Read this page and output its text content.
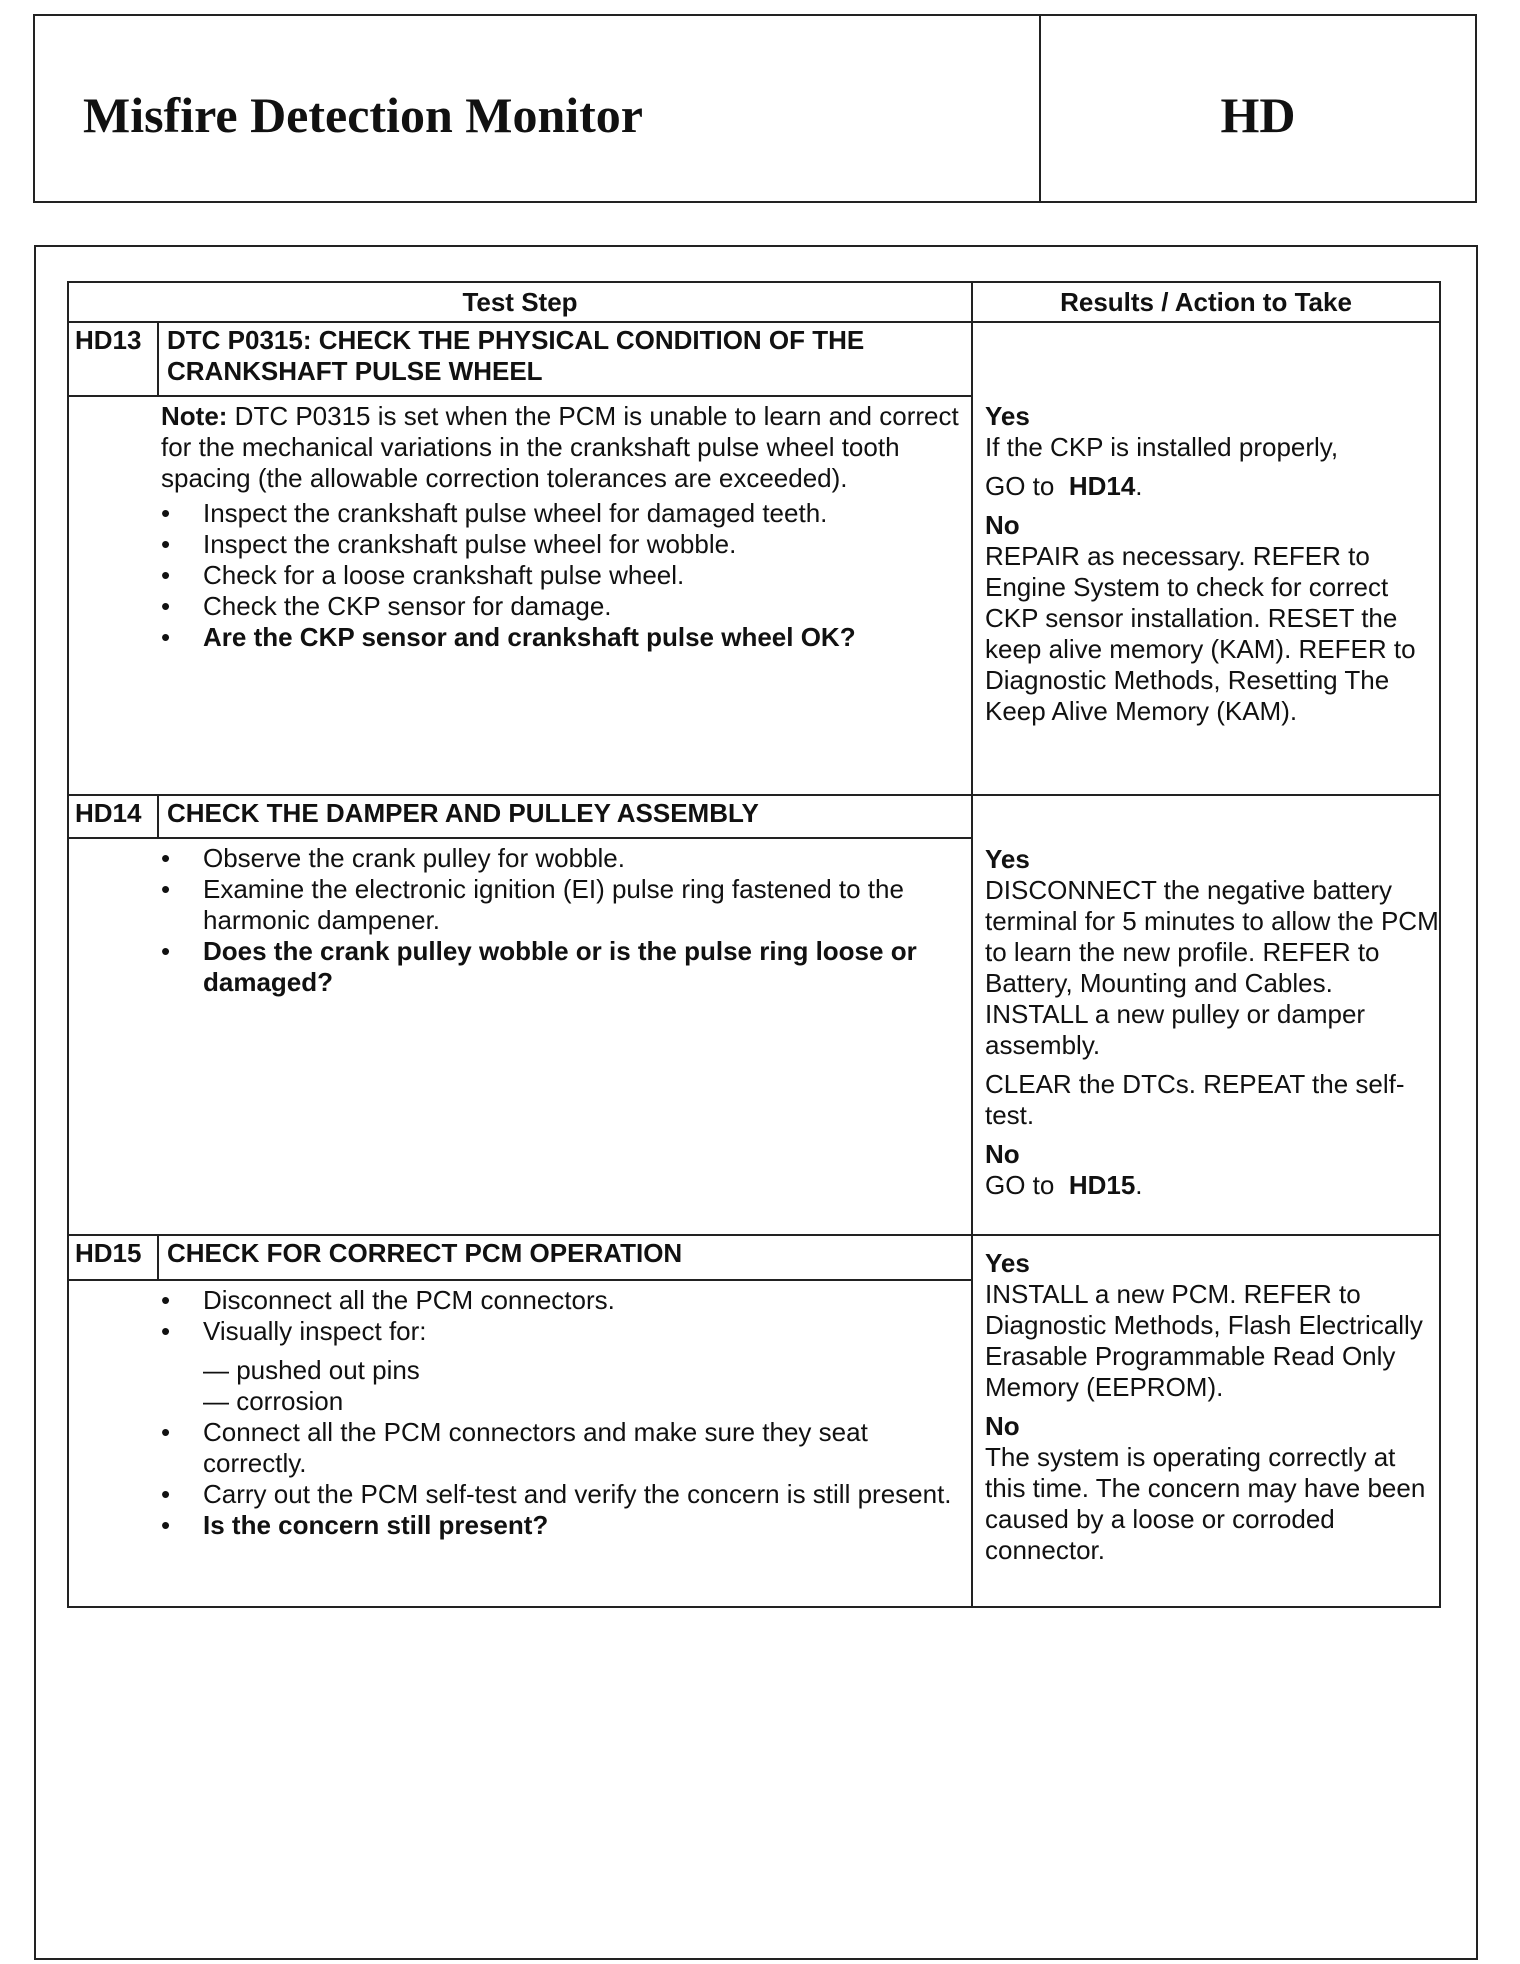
Misfire Detection Monitor	HD
Test Step	Results / Action to Take
HD13 DTC P0315: CHECK THE PHYSICAL CONDITION OF THE CRANKSHAFT PULSE WHEEL

Note: DTC P0315 is set when the PCM is unable to learn and correct for the mechanical variations in the crankshaft pulse wheel tooth spacing (the allowable correction tolerances are exceeded).

• Inspect the crankshaft pulse wheel for damaged teeth.
• Inspect the crankshaft pulse wheel for wobble.
• Check for a loose crankshaft pulse wheel.
• Check the CKP sensor for damage.
• Are the CKP sensor and crankshaft pulse wheel OK?
Yes

If the CKP is installed properly,

GO to HD14.

No

REPAIR as necessary. REFER to Engine System to check for correct CKP sensor installation. RESET the keep alive memory (KAM). REFER to Diagnostic Methods, Resetting The Keep Alive Memory (KAM).

HD14 CHECK THE DAMPER AND PULLEY ASSEMBLY
• Observe the crank pulley for wobble.
• Examine the electronic ignition (EI) pulse ring fastened to the harmonic dampener.
• Does the crank pulley wobble or is the pulse ring loose or damaged?
Yes

DISCONNECT the negative battery terminal for 5 minutes to allow the PCM to learn the new profile. REFER to Battery, Mounting and Cables. INSTALL a new pulley or damper assembly.

CLEAR the DTCs. REPEAT the self-test.

No

GO to HD15.

HD15 CHECK FOR CORRECT PCM OPERATION
• Disconnect all the PCM connectors.
• Visually inspect for:
— pushed out pins
— corrosion
• Connect all the PCM connectors and make sure they seat correctly.
• Carry out the PCM self-test and verify the concern is still present.
• Is the concern still present?
Yes

INSTALL a new PCM. REFER to Diagnostic Methods, Flash Electrically Erasable Programmable Read Only Memory (EEPROM).

No

The system is operating correctly at this time. The concern may have been caused by a loose or corroded connector.
